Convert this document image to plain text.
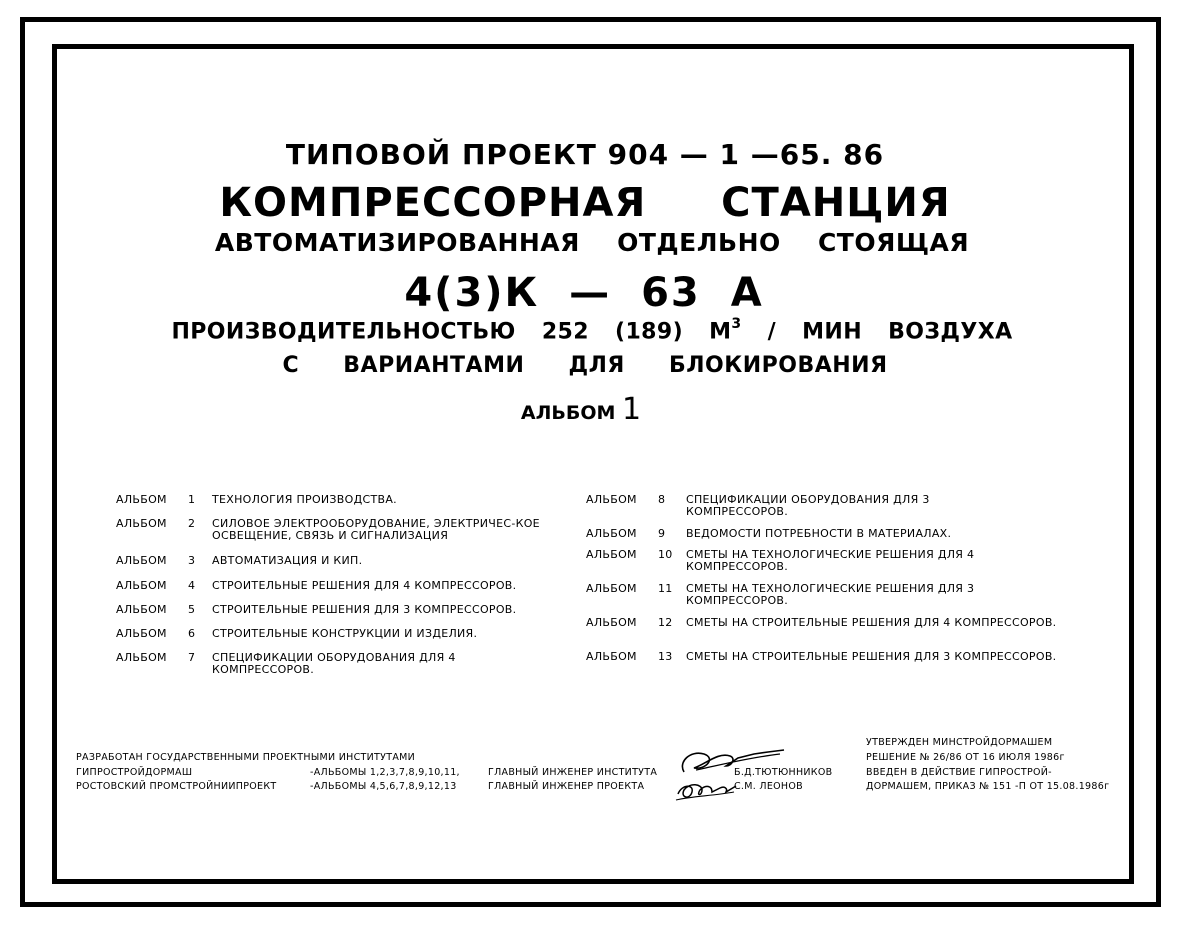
ТИПОВОЙ ПРОЕКТ 904 — 1 —65. 86
КОМПРЕССОРНАЯ СТАНЦИЯ
АВТОМАТИЗИРОВАННАЯ ОТДЕЛЬНО СТОЯЩАЯ
4(3)К — 63 А
ПРОИЗВОДИТЕЛЬНОСТЬЮ 252 (189) $М^3$ / МИН ВОЗДУХА
С ВАРИАНТАМИ ДЛЯ БЛОКИРОВАНИЯ
АЛЬБОМ 1
АЛЬБОМ 1 ТЕХНОЛОГИЯ ПРОИЗВОДСТВА.
АЛЬБОМ 2 СИЛОВОЕ ЭЛЕКТРООБОРУДОВАНИЕ, ЭЛЕКТРИЧЕС-КОЕ ОСВЕЩЕНИЕ, СВЯЗЬ И СИГНАЛИЗАЦИЯ
АЛЬБОМ 3 АВТОМАТИЗАЦИЯ И КИП.
АЛЬБОМ 4 СТРОИТЕЛЬНЫЕ РЕШЕНИЯ ДЛЯ 4 КОМПРЕССОРОВ.
АЛЬБОМ 5 СТРОИТЕЛЬНЫЕ РЕШЕНИЯ ДЛЯ 3 КОМПРЕССОРОВ.
АЛЬБОМ 6 СТРОИТЕЛЬНЫЕ КОНСТРУКЦИИ И ИЗДЕЛИЯ.
АЛЬБОМ 7 СПЕЦИФИКАЦИИ ОБОРУДОВАНИЯ ДЛЯ 4 КОМПРЕССОРОВ.
АЛЬБОМ 8 СПЕЦИФИКАЦИИ ОБОРУДОВАНИЯ ДЛЯ 3 КОМПРЕССОРОВ.
АЛЬБОМ 9 ВЕДОМОСТИ ПОТРЕБНОСТИ В МАТЕРИАЛАХ.
АЛЬБОМ 10 СМЕТЫ НА ТЕХНОЛОГИЧЕСКИЕ РЕШЕНИЯ ДЛЯ 4 КОМПРЕССОРОВ.
АЛЬБОМ 11 СМЕТЫ НА ТЕХНОЛОГИЧЕСКИЕ РЕШЕНИЯ ДЛЯ 3 КОМПРЕССОРОВ.
АЛЬБОМ 12 СМЕТЫ НА СТРОИТЕЛЬНЫЕ РЕШЕНИЯ ДЛЯ 4 КОМПРЕССОРОВ.
АЛЬБОМ 13 СМЕТЫ НА СТРОИТЕЛЬНЫЕ РЕШЕНИЯ ДЛЯ 3 КОМПРЕССОРОВ.
РАЗРАБОТАН ГОСУДАРСТВЕННЫМИ ПРОЕКТНЫМИ ИНСТИТУТАМИ
ГИПРОСТРОЙДОРМАШ	-АЛЬБОМЫ 1,2,3,7,8,9,10,11,
РОСТОВСКИЙ ПРОМСТРОЙНИИПРОЕКТ	-АЛЬБОМЫ 4,5,6,7,8,9,12,13
ГЛАВНЫЙ ИНЖЕНЕР ИНСТИТУТА	Б.Д.ТЮТЮННИКОВ
ГЛАВНЫЙ ИНЖЕНЕР ПРОЕКТА	С.М. ЛЕОНОВ
УТВЕРЖДЕН МИНСТРОЙДОРМАШЕМ
РЕШЕНИЕ № 26/86 ОТ 16 ИЮЛЯ 1986г
ВВЕДЕН В ДЕЙСТВИЕ ГИПРОСТРОЙ-
ДОРМАШЕМ, ПРИКАЗ № 151 -П ОТ 15.08.1986г
